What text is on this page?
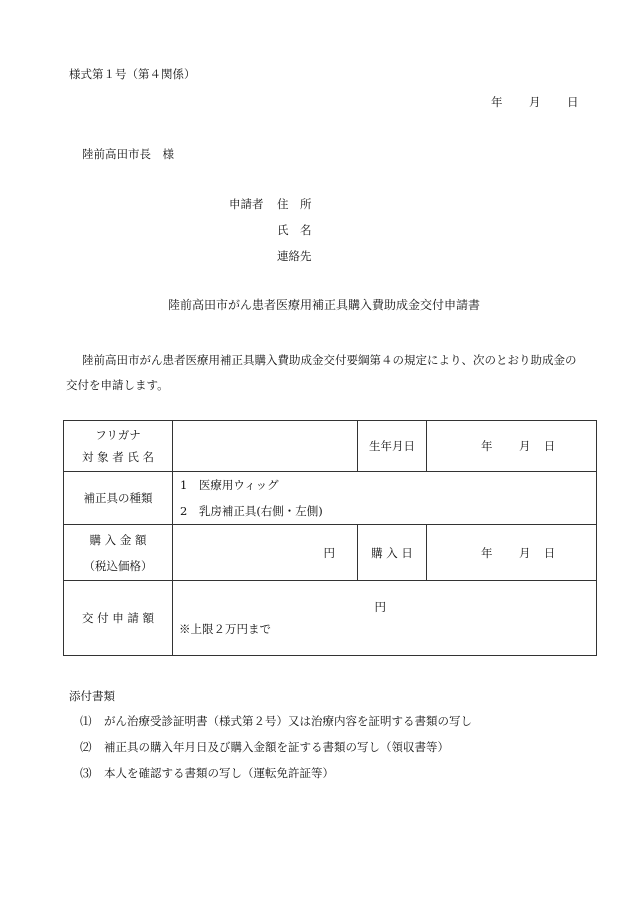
様式第１号（第４関係）
年 月 日
陸前高田市長　様
申請者 住　所
氏　名
連絡先
陸前高田市がん患者医療用補正具購入費助成金交付申請書
陸前高田市がん患者医療用補正具購入費助成金交付要綱第４の規定により、次のとおり助成金の交付を申請します。
フリガナ
対 象 者 氏 名		生年月日	年 月 日
補正具の種類	1　医療用ウィッグ
2　乳房補正具(右側・左側)		

購 入 金 額
（税込価格）	円	購 入 日	年 月 日
交 付 申 請 額	円
※上限２万円まで		
添付書類
⑴ がん治療受診証明書（様式第２号）又は治療内容を証明する書類の写し
⑵ 補正具の購入年月日及び購入金額を証する書類の写し（領収書等）
⑶ 本人を確認する書類の写し（運転免許証等）
